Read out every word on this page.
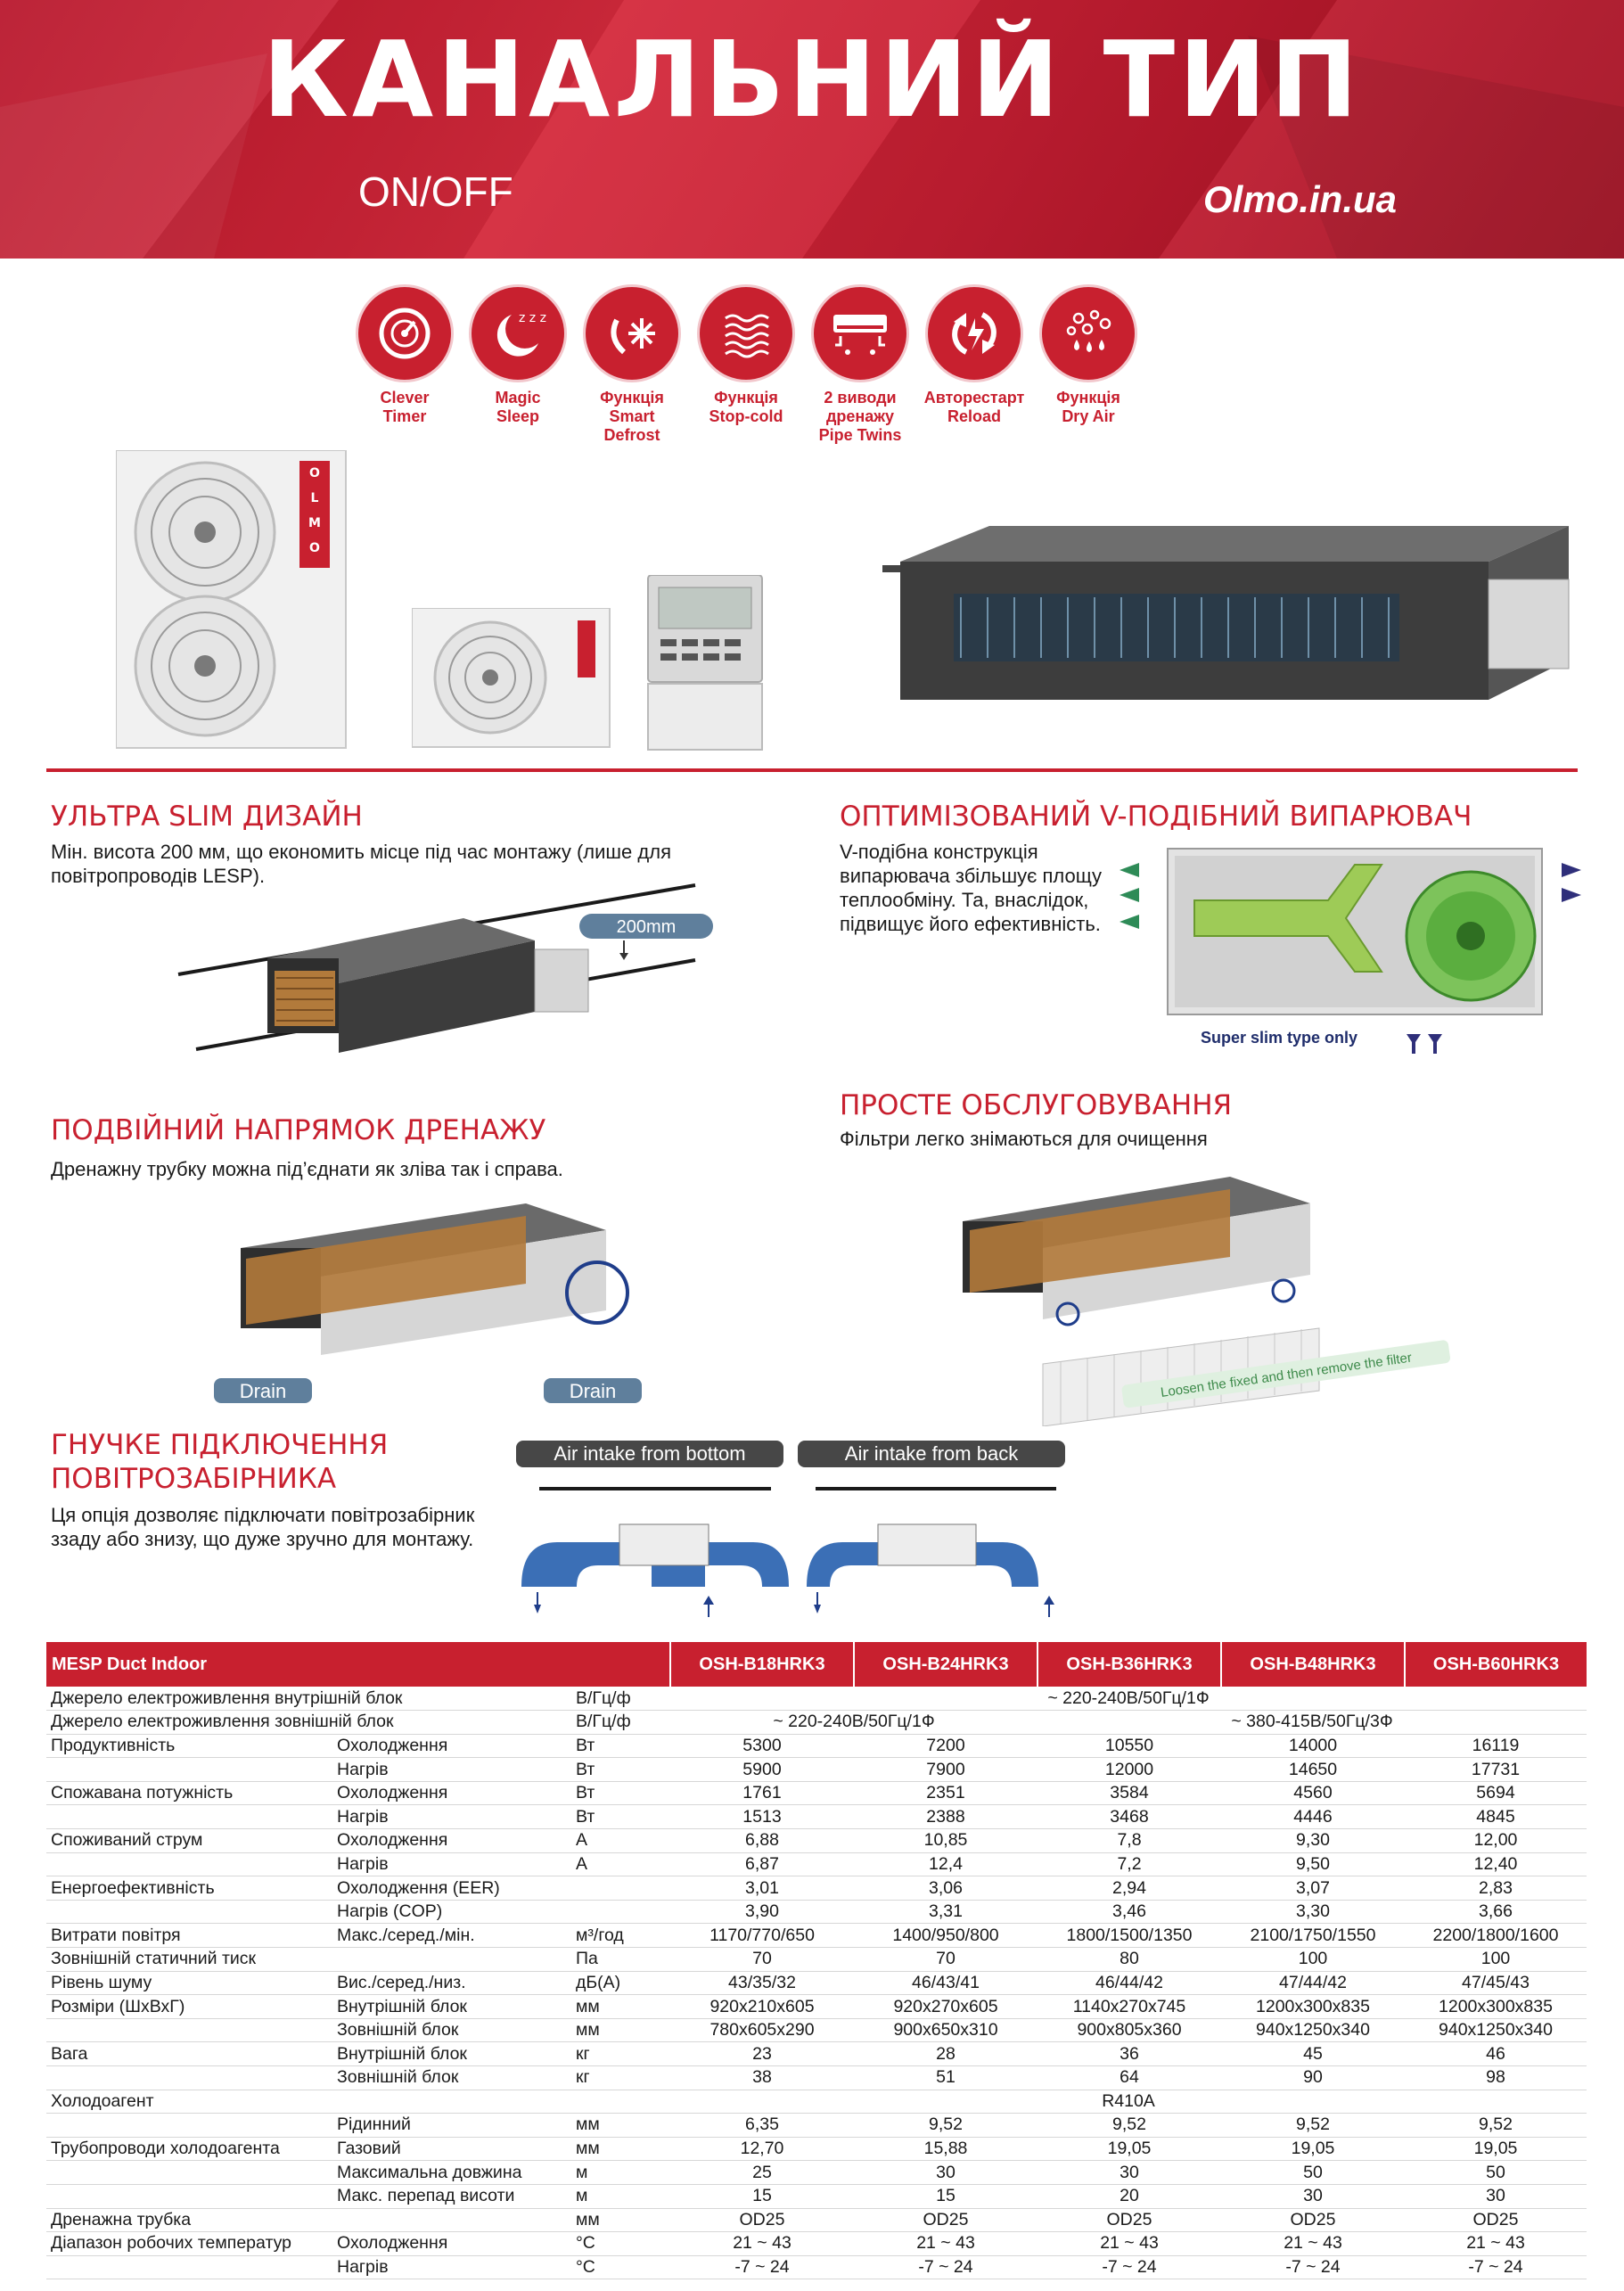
КАНАЛЬНИЙ ТИП
ON/OFF	Olmo.in.ua
Clever
Timer
z z z
Magic
Sleep
Функція
Smart
Defrost
Функція
Stop-cold
2 виводи
дренажу
Pipe Twins
Авторестарт
Reload
Функція
Dry Air
O
L
M
O
УЛЬТРА SLIM ДИЗАЙН
Мін. висота 200 мм, що економить місце під час монтажу (лише для повітропроводів LESP).
200mm
ОПТИМІЗОВАНИЙ V-ПОДІБНИЙ ВИПАРЮВАЧ
V-подібна конструкція випарювача збільшує площу теплообміну. Та, внаслідок, підвищує його ефективність.
Super slim type only
ПОДВІЙНИЙ НАПРЯМОК ДРЕНАЖУ
Дренажну трубку можна під’єднати як зліва так і справа.
Drain	Drain
ПРОСТЕ ОБСЛУГОВУВАННЯ
Фільтри легко знімаються для очищення
Loosen the fixed and then remove the filter
ГНУЧКЕ ПІДКЛЮЧЕННЯ
ПОВІТРОЗАБІРНИКА
Ця опція дозволяє підключати повітрозабірник ззаду або знизу, що дуже зручно для монтажу.
Air intake from bottom	Air intake from back
MESP Duct Indoor			OSH-B18HRK3	OSH-B24HRK3	OSH-B36HRK3	OSH-B48HRK3	OSH-B60HRK3
Джерело електроживлення внутрішній блок		В/Гц/ф	~ 220-240В/50Гц/1Ф				
Джерело електроживлення зовнішній блок		В/Гц/ф	~ 220-240В/50Гц/1Ф		~ 380-415В/50Гц/3Ф		
Продуктивність	Охолодження	Вт	5300	7200	10550	14000	16119
	Нагрів	Вт	5900	7900	12000	14650	17731
Спожавана потужність	Охолодження	Вт	1761	2351	3584	4560	5694
	Нагрів	Вт	1513	2388	3468	4446	4845
Споживаний струм	Охолодження	А	6,88	10,85	7,8	9,30	12,00
	Нагрів	А	6,87	12,4	7,2	9,50	12,40
Енергоефективність	Охолодження (EER)		3,01	3,06	2,94	3,07	2,83
	Нагрів (COP)		3,90	3,31	3,46	3,30	3,66
Витрати повітря	Макс./серед./мін.	м³/год	1170/770/650	1400/950/800	1800/1500/1350	2100/1750/1550	2200/1800/1600
Зовнішній статичний тиск		Па	70	70	80	100	100
Рівень шуму	Вис./серед./низ.	дБ(А)	43/35/32	46/43/41	46/44/42	47/44/42	47/45/43
Розміри (ШхВхГ)	Внутрішній блок	мм	920x210x605	920x270x605	1140x270x745	1200x300x835	1200x300x835
	Зовнішній блок	мм	780x605x290	900x650x310	900x805x360	940x1250x340	940x1250x340
Вага	Внутрішній блок	кг	23	28	36	45	46
	Зовнішній блок	кг	38	51	64	90	98
Холодоагент			R410A				
	Рідинний	мм	6,35	9,52	9,52	9,52	9,52
Трубопроводи холодоагента	Газовий	мм	12,70	15,88	19,05	19,05	19,05
	Максимальна довжина	м	25	30	30	50	50
	Макс. перепад висоти	м	15	15	20	30	30
Дренажна трубка		мм	OD25	OD25	OD25	OD25	OD25
Діапазон робочих температур	Охолодження	°С	21 ~ 43	21 ~ 43	21 ~ 43	21 ~ 43	21 ~ 43
	Нагрів	°С	-7 ~ 24	-7 ~ 24	-7 ~ 24	-7 ~ 24	-7 ~ 24
